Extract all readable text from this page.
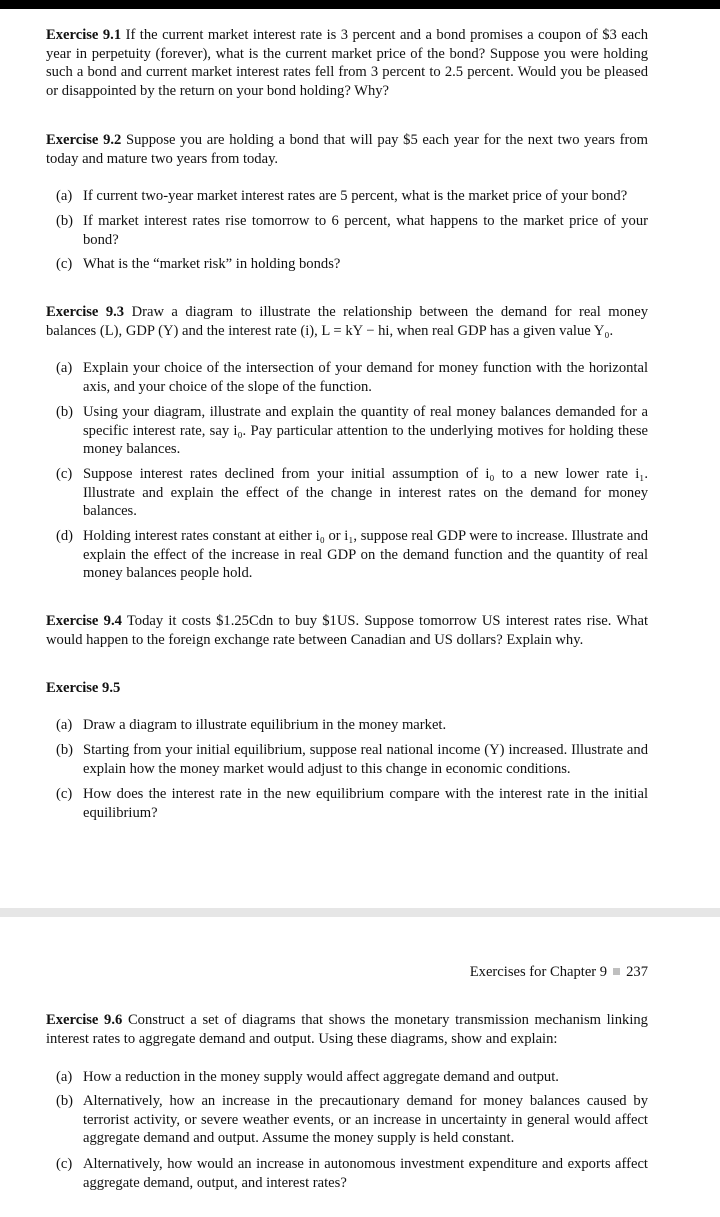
Exercise 9.1 If the current market interest rate is 3 percent and a bond promises a coupon of $3 each year in perpetuity (forever), what is the current market price of the bond? Suppose you were holding such a bond and current market interest rates fell from 3 percent to 2.5 percent. Would you be pleased or disappointed by the return on your bond holding? Why?
Exercise 9.2 Suppose you are holding a bond that will pay $5 each year for the next two years from today and mature two years from today.
(a) If current two-year market interest rates are 5 percent, what is the market price of your bond?
(b) If market interest rates rise tomorrow to 6 percent, what happens to the market price of your bond?
(c) What is the “market risk” in holding bonds?
Exercise 9.3 Draw a diagram to illustrate the relationship between the demand for real money balances (L), GDP (Y) and the interest rate (i), L = kY − hi, when real GDP has a given value Y₀.
(a) Explain your choice of the intersection of your demand for money function with the horizontal axis, and your choice of the slope of the function.
(b) Using your diagram, illustrate and explain the quantity of real money balances demanded for a specific interest rate, say i₀. Pay particular attention to the underlying motives for holding these money balances.
(c) Suppose interest rates declined from your initial assumption of i₀ to a new lower rate i₁. Illustrate and explain the effect of the change in interest rates on the demand for money balances.
(d) Holding interest rates constant at either i₀ or i₁, suppose real GDP were to increase. Illustrate and explain the effect of the increase in real GDP on the demand function and the quantity of real money balances people hold.
Exercise 9.4 Today it costs $1.25Cdn to buy $1US. Suppose tomorrow US interest rates rise. What would happen to the foreign exchange rate between Canadian and US dollars? Explain why.
Exercise 9.5
(a) Draw a diagram to illustrate equilibrium in the money market.
(b) Starting from your initial equilibrium, suppose real national income (Y) increased. Illustrate and explain how the money market would adjust to this change in economic conditions.
(c) How does the interest rate in the new equilibrium compare with the interest rate in the initial equilibrium?
Exercises for Chapter 9 237
Exercise 9.6 Construct a set of diagrams that shows the monetary transmission mechanism linking interest rates to aggregate demand and output. Using these diagrams, show and explain:
(a) How a reduction in the money supply would affect aggregate demand and output.
(b) Alternatively, how an increase in the precautionary demand for money balances caused by terrorist activity, or severe weather events, or an increase in uncertainty in general would affect aggregate demand and output. Assume the money supply is held constant.
(c) Alternatively, how would an increase in autonomous investment expenditure and exports affect aggregate demand, output, and interest rates?
